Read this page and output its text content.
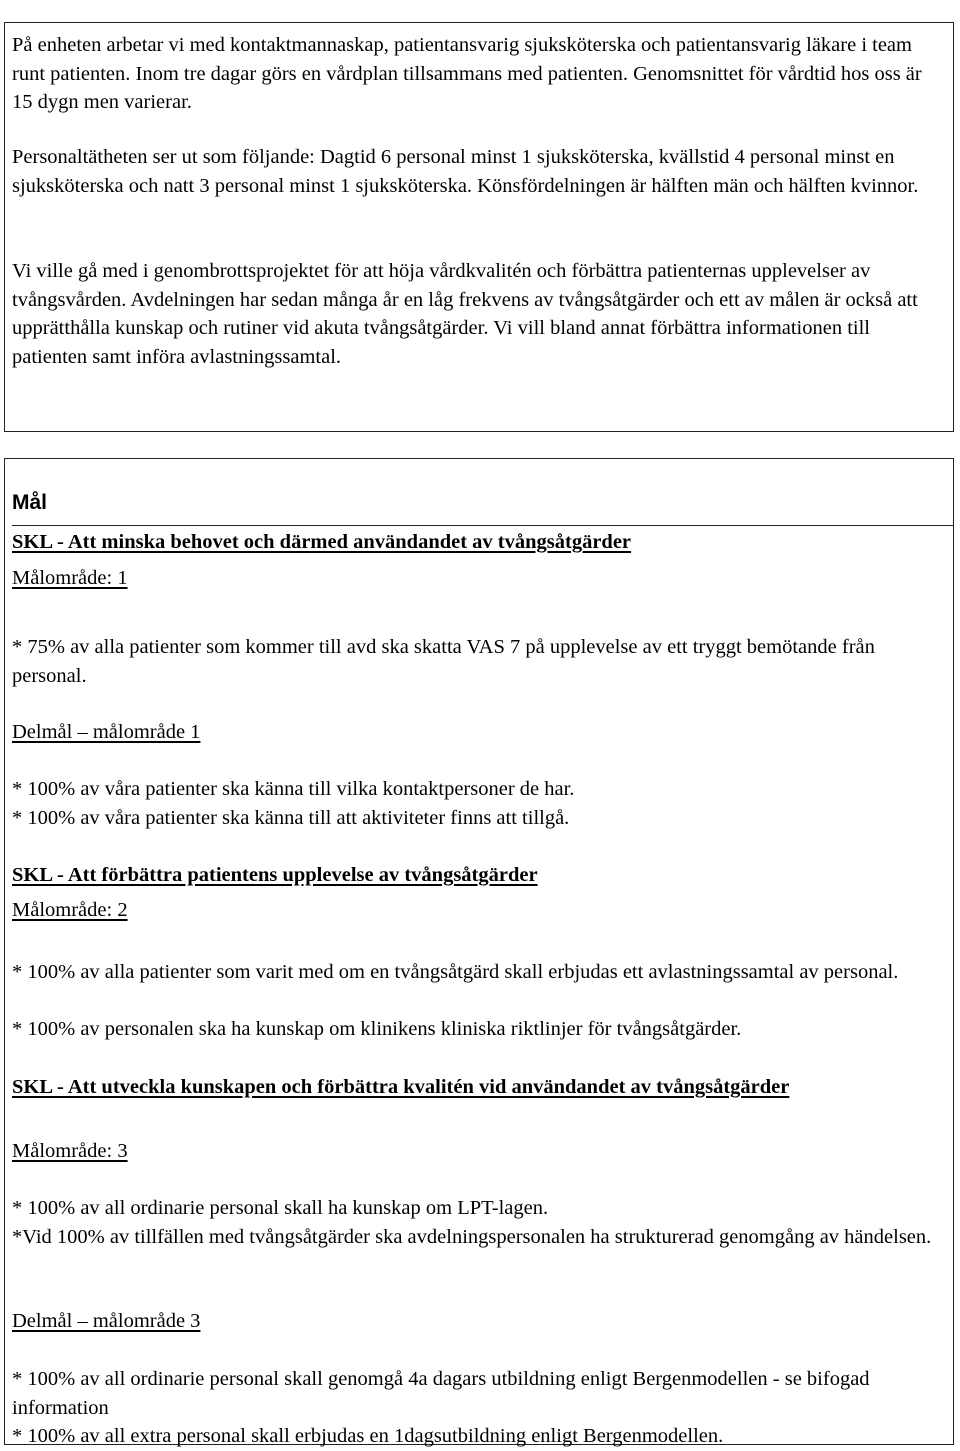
På enheten arbetar vi med kontaktmannaskap, patientansvarig sjuksköterska och patientansvarig läkare i team runt patienten. Inom tre dagar görs en vårdplan tillsammans med patienten. Genomsnittet för vårdtid hos oss är 15 dygn men varierar.

Personaltätheten ser ut som följande: Dagtid 6 personal minst 1 sjuksköterska, kvällstid 4 personal minst en sjuksköterska och natt 3 personal minst 1 sjuksköterska. Könsfördelningen är hälften män och hälften kvinnor.

Vi ville gå med i genombrottsprojektet för att höja vårdkvalitén och förbättra patienternas upplevelser av tvångsvården. Avdelningen har sedan många år en låg frekvens av tvångsåtgärder och ett av målen är också att upprätthålla kunskap och rutiner vid akuta tvångsåtgärder. Vi vill bland annat förbättra informationen till patienten samt införa avlastningssamtal.

Mål

SKL - Att minska behovet och därmed användandet av tvångsåtgärder

Målområde: 1

* 75% av alla patienter som kommer till avd ska skatta VAS 7 på upplevelse av ett tryggt bemötande från personal.

Delmål – målområde 1

* 100% av våra patienter ska känna till vilka kontaktpersoner de har.

* 100% av våra patienter ska känna till att aktiviteter finns att tillgå.

SKL - Att förbättra patientens upplevelse av tvångsåtgärder

Målområde: 2

* 100% av alla patienter som varit med om en tvångsåtgärd skall erbjudas ett avlastningssamtal av personal.

* 100% av personalen ska ha kunskap om klinikens kliniska riktlinjer för tvångsåtgärder.

SKL - Att utveckla kunskapen och förbättra kvalitén vid användandet av tvångsåtgärder

Målområde: 3

* 100% av all ordinarie personal skall ha kunskap om LPT-lagen.

*Vid 100% av tillfällen med tvångsåtgärder ska avdelningspersonalen ha strukturerad genomgång av händelsen.

Delmål – målområde 3

* 100% av all ordinarie personal skall genomgå 4a dagars utbildning enligt Bergenmodellen - se bifogad information

* 100% av all extra personal skall erbjudas en 1dagsutbildning enligt Bergenmodellen.
